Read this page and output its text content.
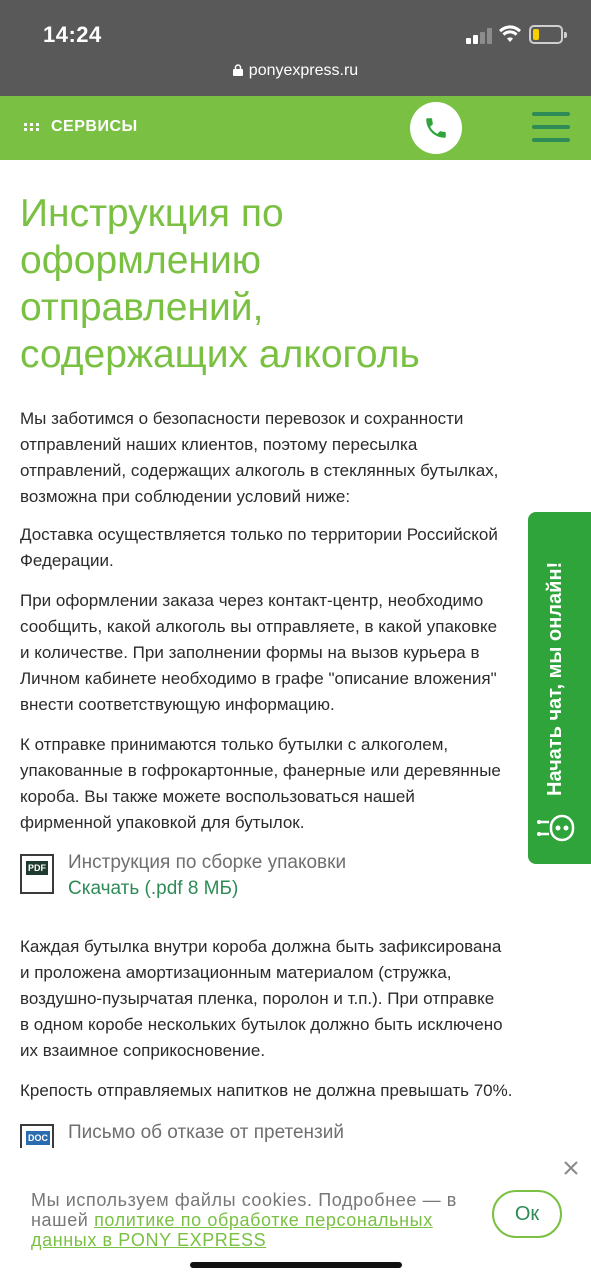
14:24
ponyexpress.ru
СЕРВИСЫ
Инструкция по оформлению отправлений, содержащих алкоголь

Мы заботимся о безопасности перевозок и сохранности
отправлений наших клиентов, поэтому пересылка
отправлений, содержащих алкоголь в стеклянных бутылках,
возможна при соблюдении условий ниже:

Доставка осуществляется только по территории Российской
Федерации.

При оформлении заказа через контакт-центр, необходимо
сообщить, какой алкоголь вы отправляете, в какой упаковке
и количестве. При заполнении формы на вызов курьера в
Личном кабинете необходимо в графе "описание вложения"
внести соответствующую информацию.

К отправке принимаются только бутылки с алкоголем,
упакованные в гофрокартонные, фанерные или деревянные
короба. Вы также можете воспользоваться нашей
фирменной упаковкой для бутылок.

PDF Инструкция по сборке упаковки
Скачать (.pdf 8 МБ)

Каждая бутылка внутри короба должна быть зафиксирована
и проложена амортизационным материалом (стружка,
воздушно-пузырчатая пленка, поролон и т.п.). При отправке
в одном коробе нескольких бутылок должно быть исключено
их взаимное соприкосновение.

Крепость отправляемых напитков не должна превышать 70%.

DOC Письмо об отказе от претензий
Начать чат, мы онлайн!
Мы используем файлы cookies. Подробнее — в нашей политике по обработке персональных данных в PONY EXPRESS
Ок
